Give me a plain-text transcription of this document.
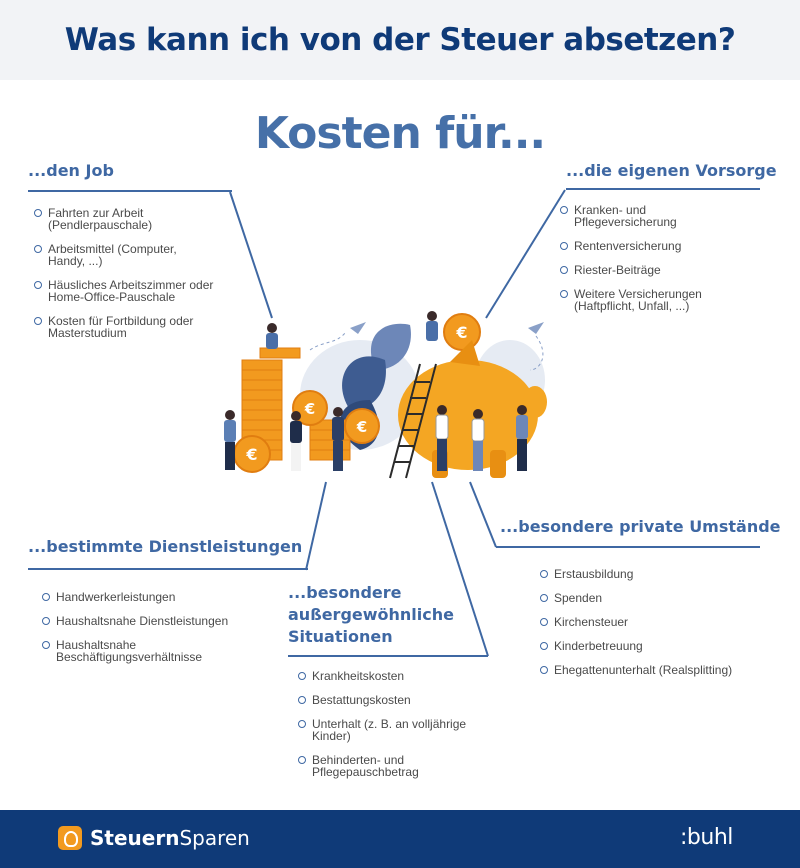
Was kann ich von der Steuer absetzen?
Kosten für...
...den Job
Fahrten zur Arbeit (Pendlerpauschale)
Arbeitsmittel (Computer, Handy, ...)
Häusliches Arbeitszimmer oder Home-Office-Pauschale
Kosten für Fortbildung oder Masterstudium
...die eigenen Vorsorge
Kranken- und Pflegeversicherung
Rentenversicherung
Riester-Beiträge
Weitere Versicherungen (Haftpflicht, Unfall, ...)
...bestimmte Dienstleistungen
Handwerkerleistungen
Haushaltsnahe Dienstleistungen
Haushaltsnahe Beschäftigungsverhältnisse
...besondere
außergewöhnliche
Situationen
Krankheitskosten
Bestattungskosten
Unterhalt (z. B. an volljährige Kinder)
Behinderten- und Pflegepauschbetrag
...besondere private Umstände
Erstausbildung
Spenden
Kirchensteuer
Kinderbetreuung
Ehegattenunterhalt (Realsplitting)
€
€
€
€
SteuernSparen	:buhl
